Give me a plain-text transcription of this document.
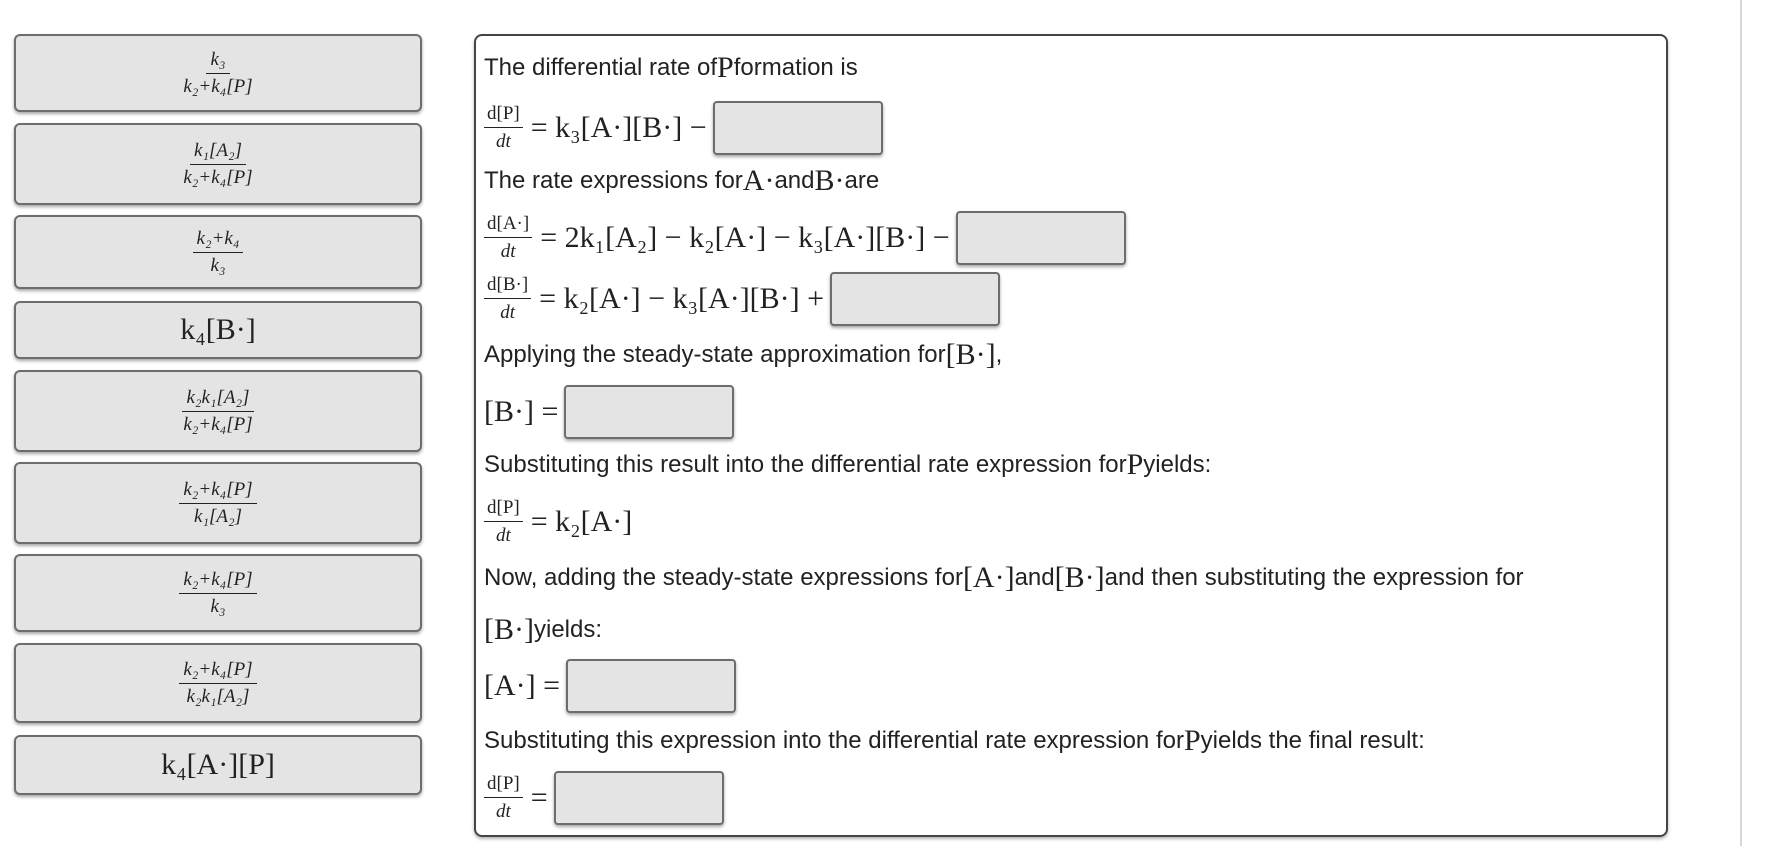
$\frac{\text{k₃}}{\text{k₂+k₄[P]}}$
$\frac{\text{k₁[A₂]}}{\text{k₂+k₄[P]}}$
$\frac{\text{k₂+k₄}}{\text{k₃}}$
k₄[B·]
$\frac{\text{k₂k₁[A₂]}}{\text{k₂+k₄[P]}}$
$\frac{\text{k₂+k₄[P]}}{\text{k₁[A₂]}}$
$\frac{\text{k₂+k₄[P]}}{\text{k₃}}$
$\frac{\text{k₂+k₄[P]}}{\text{k₂k₁[A₂]}}$
k₄[A·][P]
The differential rate of P formation is
$\frac{d[P]}{dt} = k_3[A\cdot][B\cdot]$ −
The rate expressions for A· and B· are
$\frac{d[A\cdot]}{dt} = 2k_1[A_2] - k_2[A\cdot] - k_3[A\cdot][B\cdot]$ −
$\frac{d[B\cdot]}{dt} = k_2[A\cdot] - k_3[A\cdot][B\cdot]$ +
Applying the steady-state approximation for [B·] ,
[B·] =
Substituting this result into the differential rate expression for P yields:
$\frac{d[P]}{dt} = k_2[A\cdot]$
Now, adding the steady-state expressions for [A·] and [B·] and then substituting the expression for
[B·] yields:
[A·] =
Substituting this expression into the differential rate expression for P yields the final result:
$\frac{d[P]}{dt}$ =
